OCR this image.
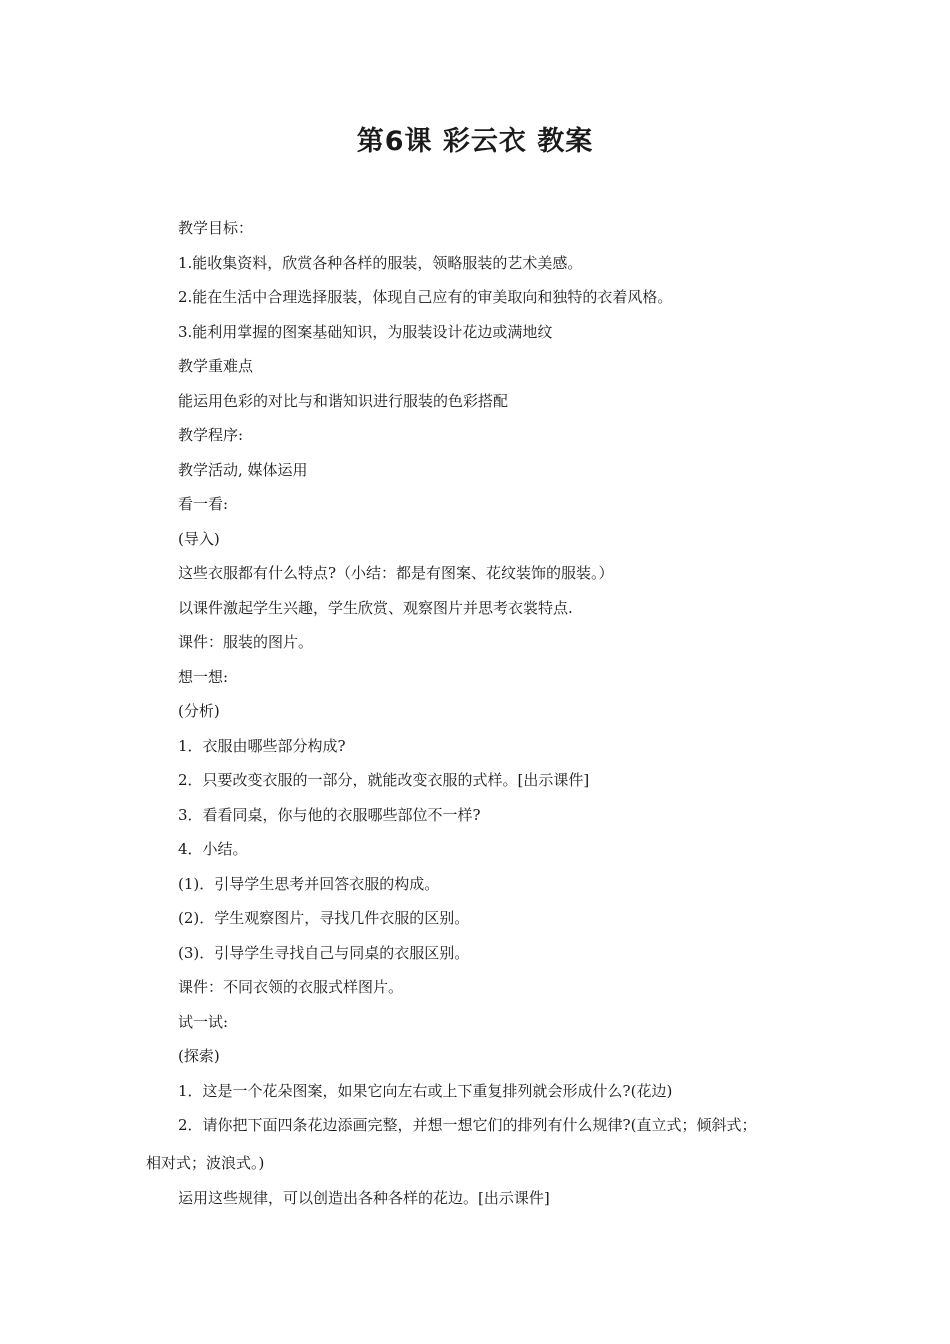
第6课 彩云衣 教案
教学目标：
1.能收集资料，欣赏各种各样的服装，领略服装的艺术美感。
2.能在生活中合理选择服装，体现自己应有的审美取向和独特的衣着风格。
3.能利用掌握的图案基础知识，为服装设计花边或满地纹
教学重难点
能运用色彩的对比与和谐知识进行服装的色彩搭配
教学程序:
教学活动, 媒体运用
看一看:
(导入)
这些衣服都有什么特点?（小结：都是有图案、花纹装饰的服装。）
以课件激起学生兴趣，学生欣赏、观察图片并思考衣裳特点.
课件：服装的图片。
想一想:
(分析)
1．衣服由哪些部分构成?
2．只要改变衣服的一部分，就能改变衣服的式样。[出示课件]
3．看看同桌，你与他的衣服哪些部位不一样?
4．小结。
(1)．引导学生思考并回答衣服的构成。
(2)．学生观察图片，寻找几件衣服的区别。
(3)．引导学生寻找自己与同桌的衣服区别。
课件：不同衣领的衣服式样图片。
试一试:
(探索)
1．这是一个花朵图案，如果它向左右或上下重复排列就会形成什么?(花边)
2．请你把下面四条花边添画完整，并想一想它们的排列有什么规律?(直立式；倾斜式；
相对式；波浪式。)
运用这些规律，可以创造出各种各样的花边。[出示课件]
